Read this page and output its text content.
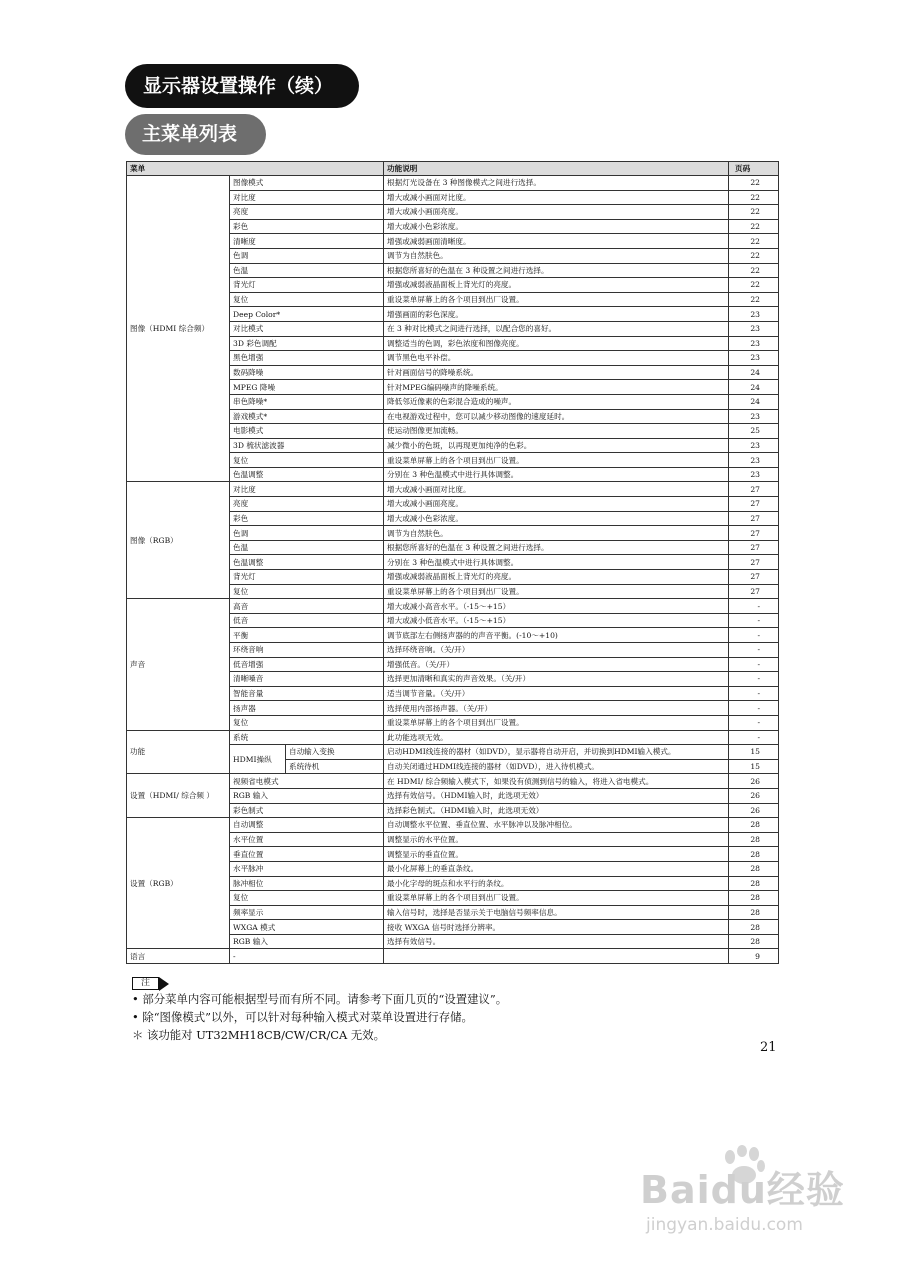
显示器设置操作（续）
主菜单列表
菜单			功能说明	页码
图像（HDMI 综合频）	图像模式		根据灯光设备在 3 种图像模式之间进行选择。	22
	对比度		增大或减小画面对比度。	22
	亮度		增大或减小画面亮度。	22
	彩色		增大或减小色彩浓度。	22
	清晰度		增强或减弱画面清晰度。	22
	色调		调节为自然肤色。	22
	色温		根据您所喜好的色温在 3 种设置之间进行选择。	22
	背光灯		增强或减弱液晶面板上背光灯的亮度。	22
	复位		重设菜单屏幕上的各个项目到出厂设置。	22
	Deep Color*		增强画面的彩色深度。	23
	对比模式		在 3 种对比模式之间进行选择，以配合您的喜好。	23
	3D 彩色调配		调整适当的色调，彩色浓度和图像亮度。	23
	黑色增强		调节黑色电平补偿。	23
	数码降噪		针对画面信号的降噪系统。	24
	MPEG 降噪		针对MPEG编码噪声的降噪系统。	24
	串色降噪*		降低邻近像素的色彩混合造成的噪声。	24
	游戏模式*		在电视游戏过程中，您可以减少移动图像的速度延时。	23
	电影模式		使运动图像更加流畅。	25
	3D 梳状滤波器		减少微小的色斑，以再现更加纯净的色彩。	23
	复位		重设菜单屏幕上的各个项目到出厂设置。	23
	色温调整		分别在 3 种色温模式中进行具体调整。	23
图像（RGB）	对比度		增大或减小画面对比度。	27
	亮度		增大或减小画面亮度。	27
	彩色		增大或减小色彩浓度。	27
	色调		调节为自然肤色。	27
	色温		根据您所喜好的色温在 3 种设置之间进行选择。	27
	色温调整		分别在 3 种色温模式中进行具体调整。	27
	背光灯		增强或减弱液晶面板上背光灯的亮度。	27
	复位		重设菜单屏幕上的各个项目到出厂设置。	27
声音	高音		增大或减小高音水平。（-15～+15）	-
	低音		增大或减小低音水平。（-15～+15）	-
	平衡		调节底部左右侧扬声器的的声音平衡。(-10～+10)	-
	环绕音响		选择环绕音响。（关/开）	-
	低音增强		增强低音。（关/开）	-
	清晰嗓音		选择更加清晰和真实的声音效果。（关/开）	-
	智能音量		适当调节音量。（关/开）	-
	扬声器		选择使用内部扬声器。（关/开）	-
	复位		重设菜单屏幕上的各个项目到出厂设置。	-
功能	系统		此功能选项无效。	-
	HDMI操纵	自动输入变换	启动HDMI线连接的器材（如DVD），显示器将自动开启，并切换到HDMI输入模式。	15
		系统待机	自动关闭通过HDMI线连接的器材（如DVD），进入待机模式。	15
设置（HDMI/ 综合频 ）	视频省电模式		在 HDMI/ 综合频输入模式下，如果没有侦测到信号的输入，将进入省电模式。	26
	RGB 输入		选择有效信号。（HDMI输入时，此选项无效）	26
	彩色制式		选择彩色制式。（HDMI输入时，此选项无效）	26
设置（RGB）	自动调整		自动调整水平位置、垂直位置、水平脉冲以及脉冲相位。	28
	水平位置		调整显示的水平位置。	28
	垂直位置		调整显示的垂直位置。	28
	水平脉冲		最小化屏幕上的垂直条纹。	28
	脉冲相位		最小化字母的斑点和水平行的条纹。	28
	复位		重设菜单屏幕上的各个项目到出厂设置。	28
	频率显示		输入信号时，选择是否显示关于电脑信号频率信息。	28
	WXGA 模式		接收 WXGA 信号时选择分辨率。	28
	RGB 输入		选择有效信号。	28
语言	-			9
注
• 部分菜单内容可能根据型号而有所不同。请参考下面几页的“设置建议”。
• 除“图像模式”以外，可以针对每种输入模式对菜单设置进行存储。
＊ 该功能对 UT32MH18CB/CW/CR/CA 无效。
21
Baidu经验
jingyan.baidu.com
